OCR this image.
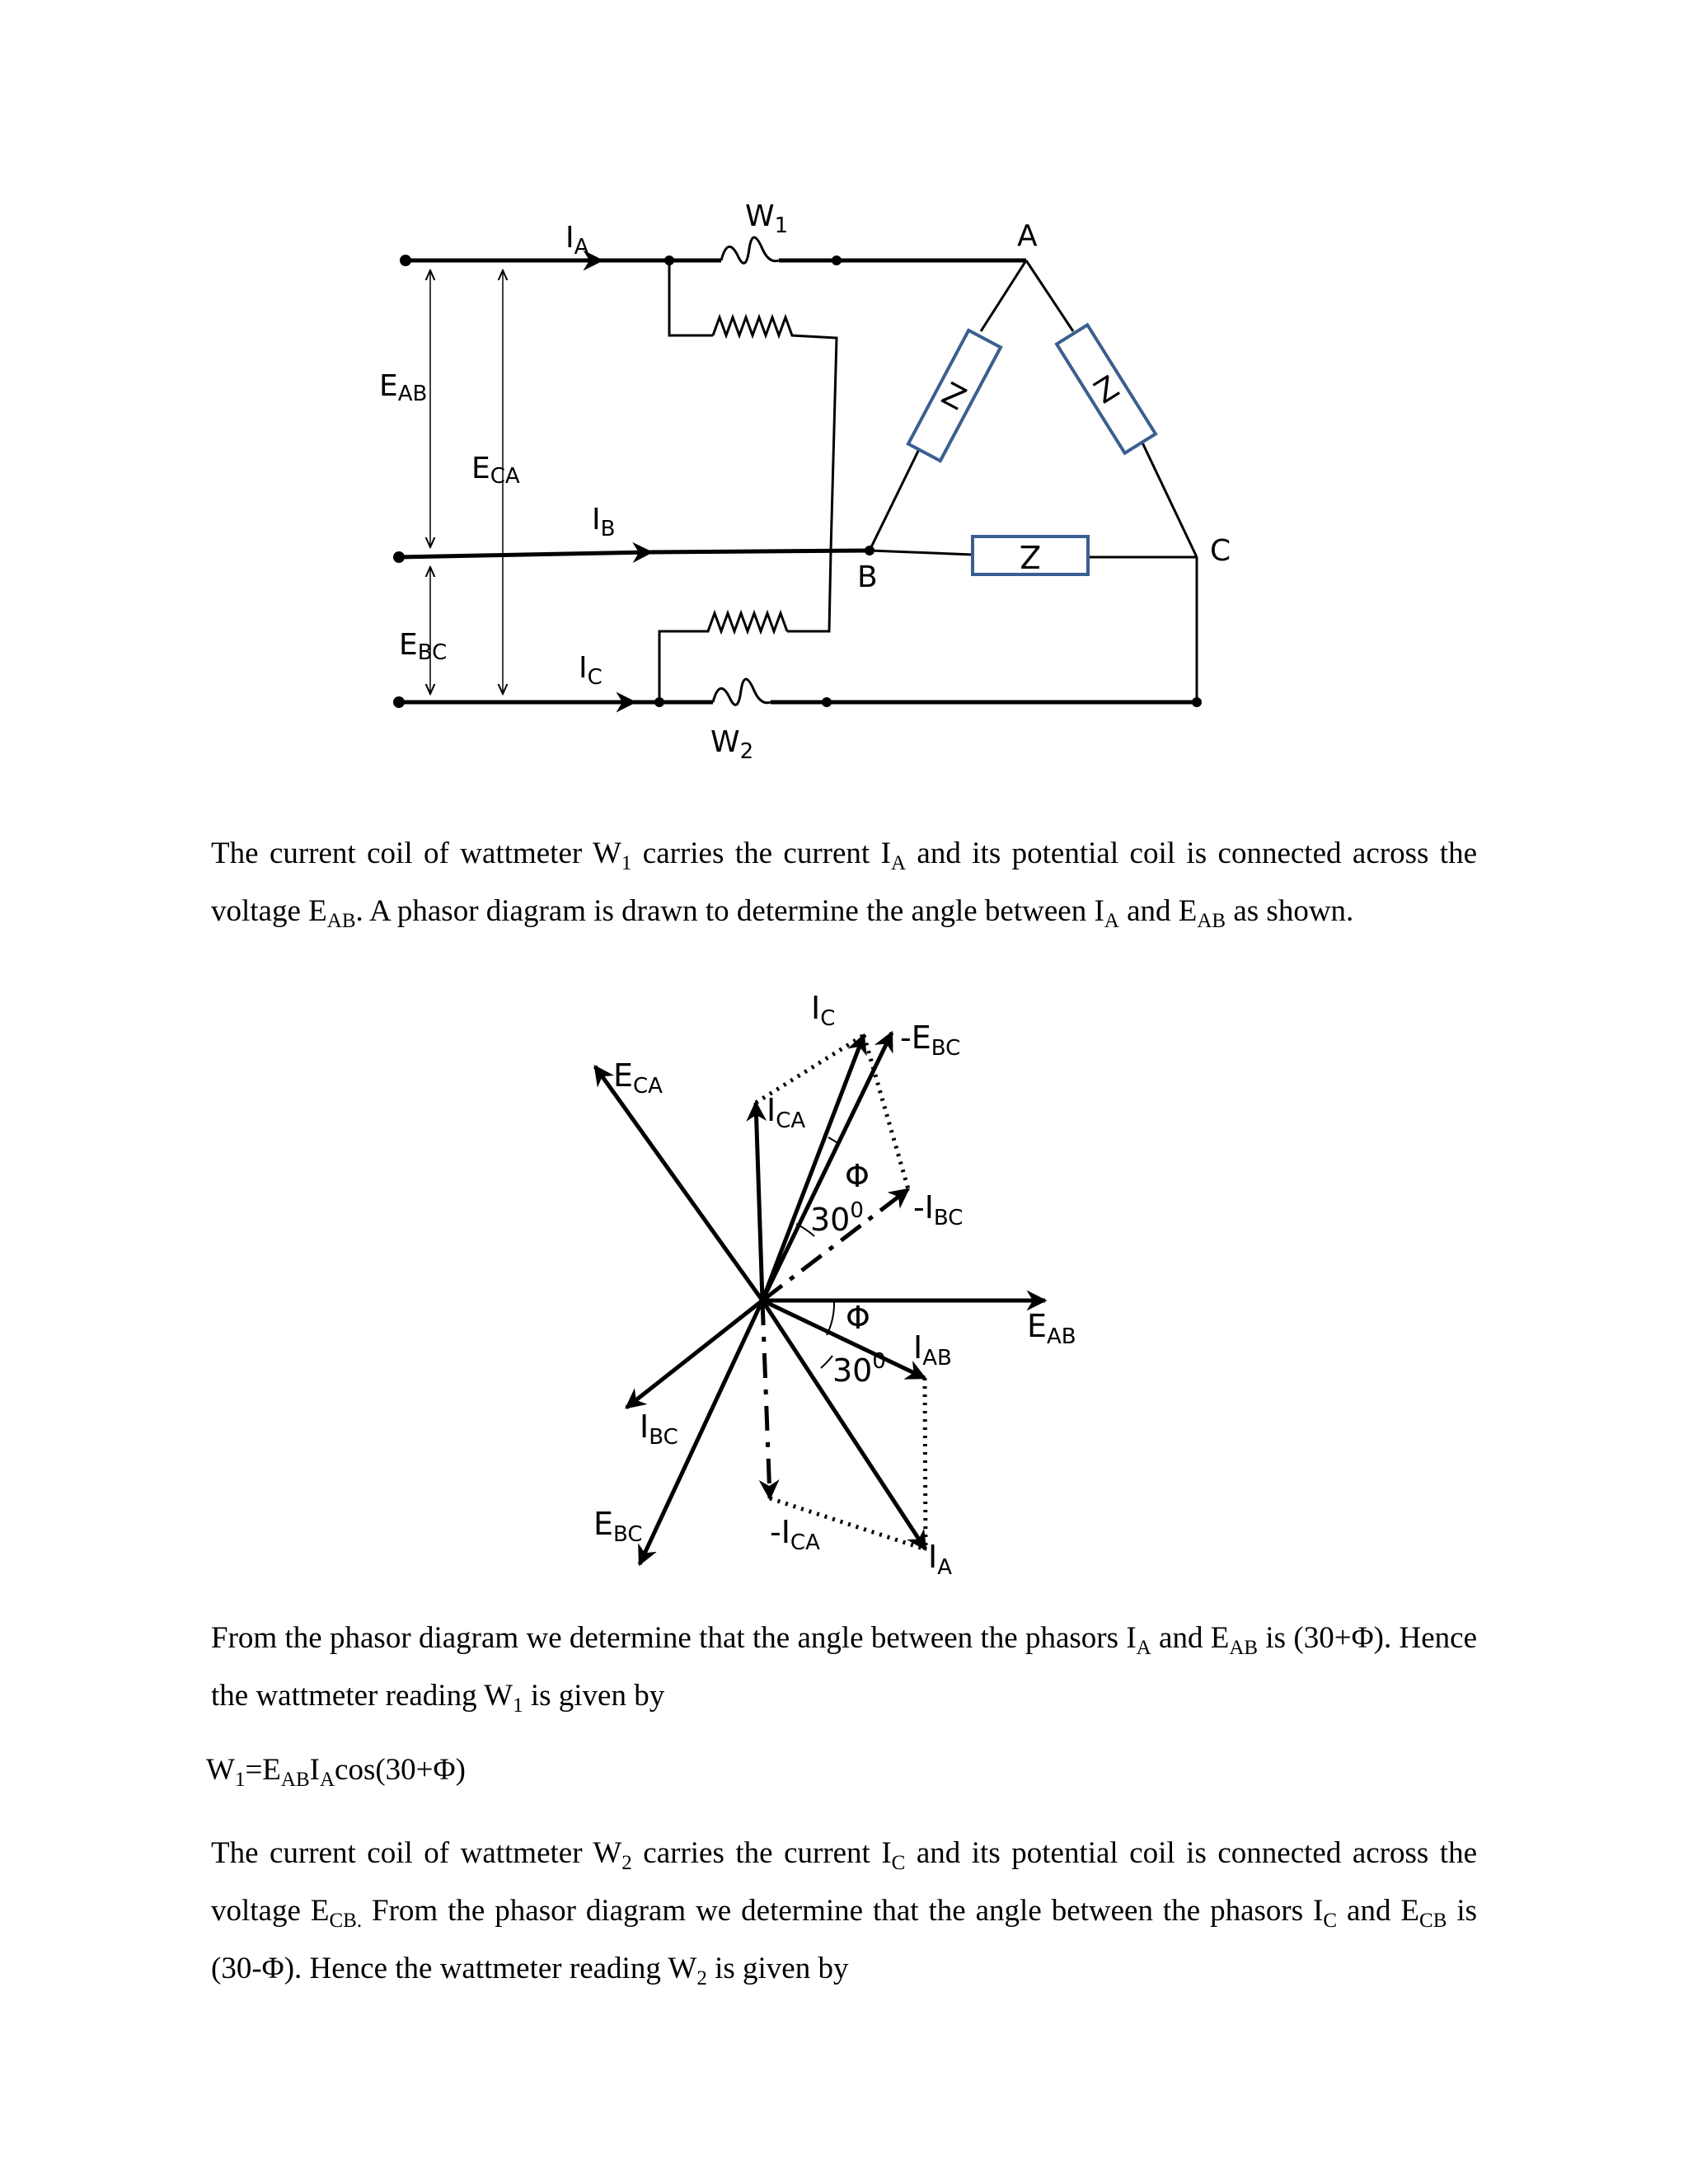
Z	Z
Z
$W_1$
$W_2$
$I_A$
$I_B$
$I_C$
EAB
ECA
EBC
A
B
C
$E_{AB}$
$E_{CA}$
$E_{BC}$
$-E_{BC}$
$I_C$
$I_{CA}$
$-I_{CA}$
$I_{BC}$
$-I_{BC}$
$I_{AB}$
$I_A$
Φ
$30^0$
Φ
$30^0$

The current coil of wattmeter $W_1$ carries the current $I_A$ and its potential coil is connected across the voltage $E_{AB}$. A phasor diagram is drawn to determine the angle between $I_A$ and $E_{AB}$ as shown.

From the phasor diagram we determine that the angle between the phasors $I_A$ and $E_{AB}$ is (30+Φ). Hence the wattmeter reading $W_1$ is given by

$W_1=E_{AB}I_A\cos(30+\Phi)$

The current coil of wattmeter $W_2$ carries the current $I_C$ and its potential coil is connected across the voltage $E_{CB.}$ From the phasor diagram we determine that the angle between the phasors $I_C$ and $E_{CB}$ is (30-Φ). Hence the wattmeter reading $W_2$ is given by
